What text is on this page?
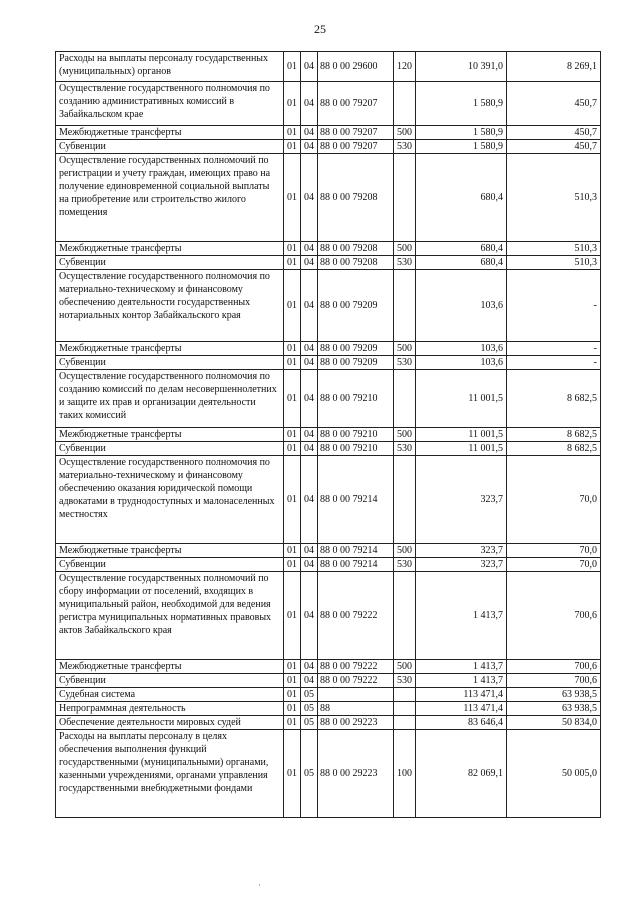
25
Расходы на выплаты персоналу государственных (муниципальных) органов	01	04	88 0 00 29600	120	10 391,0	8 269,1
Осуществление государственного полномочия по созданию административных комиссий в Забайкальском крае	01	04	88 0 00 79207		1 580,9	450,7
Межбюджетные трансферты	01	04	88 0 00 79207	500	1 580,9	450,7
Субвенции	01	04	88 0 00 79207	530	1 580,9	450,7
Осуществление государственных полномочий по регистрации и учету граждан, имеющих право на получение единовременной социальной выплаты на приобретение или строительство жилого помещения	01	04	88 0 00 79208		680,4	510,3
Межбюджетные трансферты	01	04	88 0 00 79208	500	680,4	510,3
Субвенции	01	04	88 0 00 79208	530	680,4	510,3
Осуществление государственного полномочия по материально-техническому и финансовому обеспечению деятельности государственных нотариальных контор Забайкальского края	01	04	88 0 00 79209		103,6	-
Межбюджетные трансферты	01	04	88 0 00 79209	500	103,6	-
Субвенции	01	04	88 0 00 79209	530	103,6	-
Осуществление государственного полномочия по созданию комиссий по делам несовершеннолетних и защите их прав и организации деятельности таких комиссий	01	04	88 0 00 79210		11 001,5	8 682,5
Межбюджетные трансферты	01	04	88 0 00 79210	500	11 001,5	8 682,5
Субвенции	01	04	88 0 00 79210	530	11 001,5	8 682,5
Осуществление государственного полномочия по материально-техническому и финансовому обеспечению оказания юридической помощи адвокатами в труднодоступных и малонаселенных местностях	01	04	88 0 00 79214		323,7	70,0
Межбюджетные трансферты	01	04	88 0 00 79214	500	323,7	70,0
Субвенции	01	04	88 0 00 79214	530	323,7	70,0
Осуществление государственных полномочий по сбору информации от поселений, входящих в муниципальный район, необходимой для ведения регистра муниципальных нормативных правовых актов Забайкальского края	01	04	88 0 00 79222		1 413,7	700,6
Межбюджетные трансферты	01	04	88 0 00 79222	500	1 413,7	700,6
Субвенции	01	04	88 0 00 79222	530	1 413,7	700,6
Судебная система	01	05			113 471,4	63 938,5
Непрограммная деятельность	01	05	88		113 471,4	63 938,5
Обеспечение деятельности мировых судей	01	05	88 0 00 29223		83 646,4	50 834,0
Расходы на выплаты персоналу в целях обеспечения выполнения функций государственными (муниципальными) органами, казенными учреждениями, органами управления государственными внебюджетными фондами	01	05	88 0 00 29223	100	82 069,1	50 005,0
·
